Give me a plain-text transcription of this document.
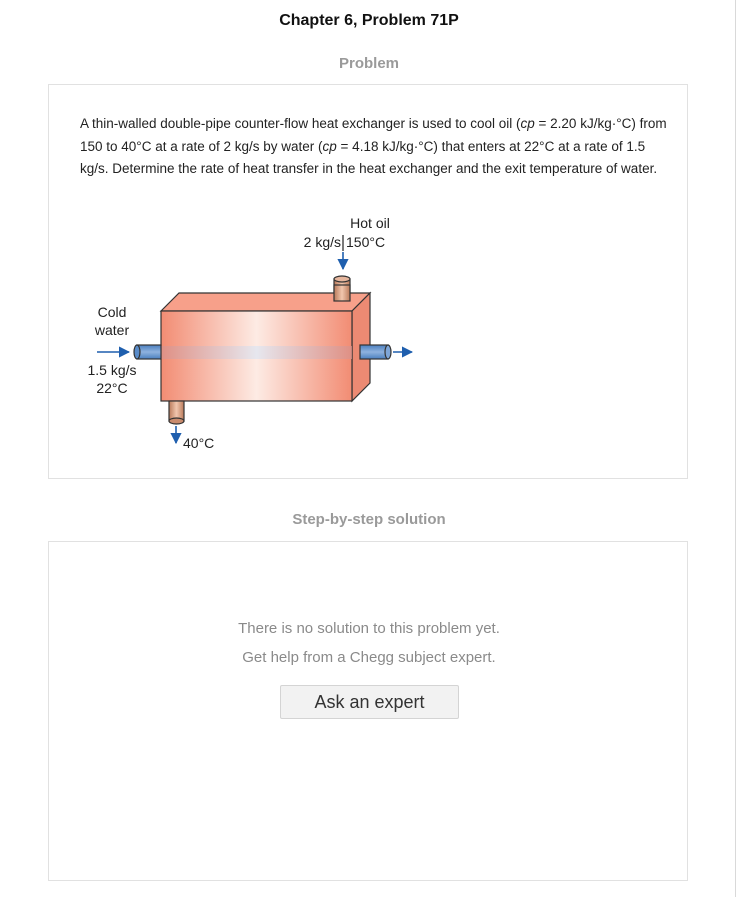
Chapter 6, Problem 71P
Problem
A thin-walled double-pipe counter-flow heat exchanger is used to cool oil (cp = 2.20 kJ/kg·°C) from 150 to 40°C at a rate of 2 kg/s by water (cp = 4.18 kJ/kg·°C) that enters at 22°C at a rate of 1.5 kg/s. Determine the rate of heat transfer in the heat exchanger and the exit temperature of water.
Hot oil
2 kg/s 150°C
40°C
Cold
water
1.5 kg/s
22°C
Step-by-step solution
There is no solution to this problem yet.
Get help from a Chegg subject expert.
Ask an expert
